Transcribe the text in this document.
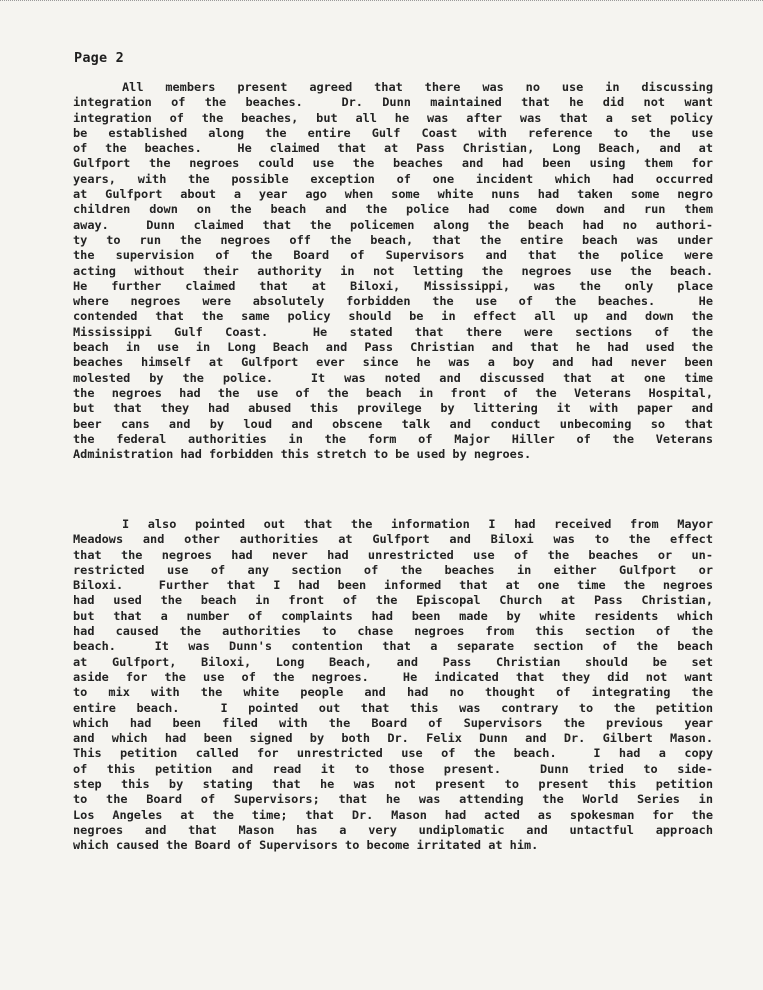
Page 2
All members present agreed that there was no use in discussing
integration of the beaches.  Dr. Dunn maintained that he did not want
integration of the beaches, but all he was after was that a set policy
be established along the entire Gulf Coast with reference to the use
of the beaches.  He claimed that at Pass Christian, Long Beach, and at
Gulfport the negroes could use the beaches and had been using them for
years, with the possible exception of one incident which had occurred
at Gulfport about a year ago when some white nuns had taken some negro
children down on the beach and the police had come down and run them
away.  Dunn claimed that the policemen along the beach had no authori-
ty to run the negroes off the beach, that the entire beach was under
the supervision of the Board of Supervisors and that the police were
acting without their authority in not letting the negroes use the beach.
He further claimed that at Biloxi, Mississippi, was the only place
where negroes were absolutely forbidden the use of the beaches.  He
contended that the same policy should be in effect all up and down the
Mississippi Gulf Coast.  He stated that there were sections of the
beach in use in Long Beach and Pass Christian and that he had used the
beaches himself at Gulfport ever since he was a boy and had never been
molested by the police.  It was noted and discussed that at one time
the negroes had the use of the beach in front of the Veterans Hospital,
but that they had abused this provilege by littering it with paper and
beer cans and by loud and obscene talk and conduct unbecoming so that
the federal authorities in the form of Major Hiller of the Veterans
Administration had forbidden this stretch to be used by negroes.
I also pointed out that the information I had received from Mayor
Meadows and other authorities at Gulfport and Biloxi was to the effect
that the negroes had never had unrestricted use of the beaches or un-
restricted use of any section of the beaches in either Gulfport or
Biloxi.  Further that I had been informed that at one time the negroes
had used the beach in front of the Episcopal Church at Pass Christian,
but that a number of complaints had been made by white residents which
had caused the authorities to chase negroes from this section of the
beach.  It was Dunn's contention that a separate section of the beach
at Gulfport, Biloxi, Long Beach, and Pass Christian should be set
aside for the use of the negroes.  He indicated that they did not want
to mix with the white people and had no thought of integrating the
entire beach.  I pointed out that this was contrary to the petition
which had been filed with the Board of Supervisors the previous year
and which had been signed by both Dr. Felix Dunn and Dr. Gilbert Mason.
This petition called for unrestricted use of the beach.  I had a copy
of this petition and read it to those present.  Dunn tried to side-
step this by stating that he was not present to present this petition
to the Board of Supervisors; that he was attending the World Series in
Los Angeles at the time; that Dr. Mason had acted as spokesman for the
negroes and that Mason has a very undiplomatic and untactful approach
which caused the Board of Supervisors to become irritated at him.
